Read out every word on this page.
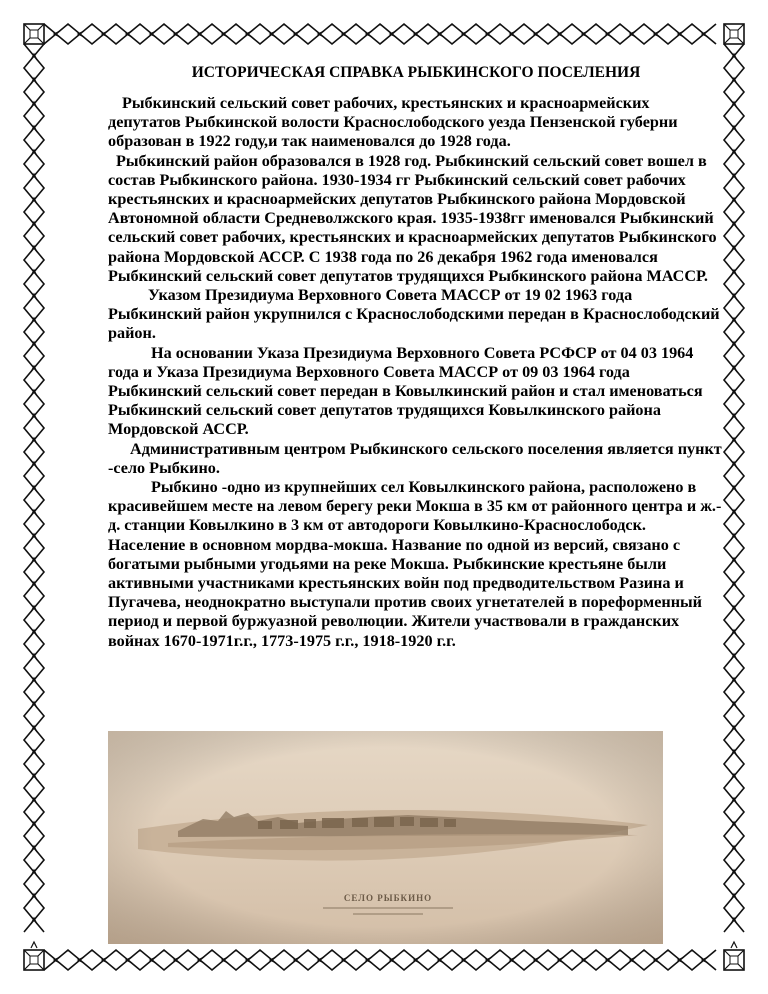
ИСТОРИЧЕСКАЯ СПРАВКА РЫБКИНСКОГО ПОСЕЛЕНИЯ

Рыбкинский сельский совет рабочих, крестьянских и красноармейских депутатов Рыбкинской волости Краснослободского уезда Пензенской губерни образован в 1922 году,и так наименовался до 1928 года.

Рыбкинский район образовался в 1928 год. Рыбкинский сельский совет вошел в состав Рыбкинского района. 1930-1934 гг Рыбкинский сельский совет рабочих крестьянских и красноармейских депутатов Рыбкинского района Мордовской Автономной области Средневолжского края. 1935-1938гг именовался Рыбкинский сельский совет рабочих, крестьянских и красноармейских депутатов Рыбкинского района Мордовской АССР. С 1938 года по 26 декабря 1962 года именовался Рыбкинский сельский совет депутатов трудящихся Рыбкинского района МАССР.

Указом Президиума Верховного Совета МАССР от 19 02 1963 года Рыбкинский район укрупнился с Краснослободскими передан в Краснослободский район.

На основании Указа Президиума Верховного Совета РСФСР от 04 03 1964 года и Указа Президиума Верховного Совета МАССР от 09 03 1964 года Рыбкинский сельский совет передан в Ковылкинский район и стал именоваться Рыбкинский сельский совет депутатов трудящихся Ковылкинского района Мордовской АССР.

Административным центром Рыбкинского сельского поселения является пункт -село Рыбкино.

Рыбкино -одно из крупнейших сел Ковылкинского района, расположено в красивейшем месте на левом берегу реки Мокша в 35 км от районного центра и ж.-д. станции Ковылкино в 3 км от автодороги Ковылкино-Краснослободск. Население в основном мордва-мокша. Название по одной из версий, связано с богатыми рыбными угодьями на реке Мокша. Рыбкинские крестьяне были активными участниками крестьянских войн под предводительством Разина и Пугачева, неоднократно выступали против своих угнетателей в пореформенный период и первой буржуазной революции. Жители участвовали в гражданских войнах 1670-1971г.г., 1773-1975 г.г., 1918-1920 г.г.

СЕЛО РЫБКИНО
